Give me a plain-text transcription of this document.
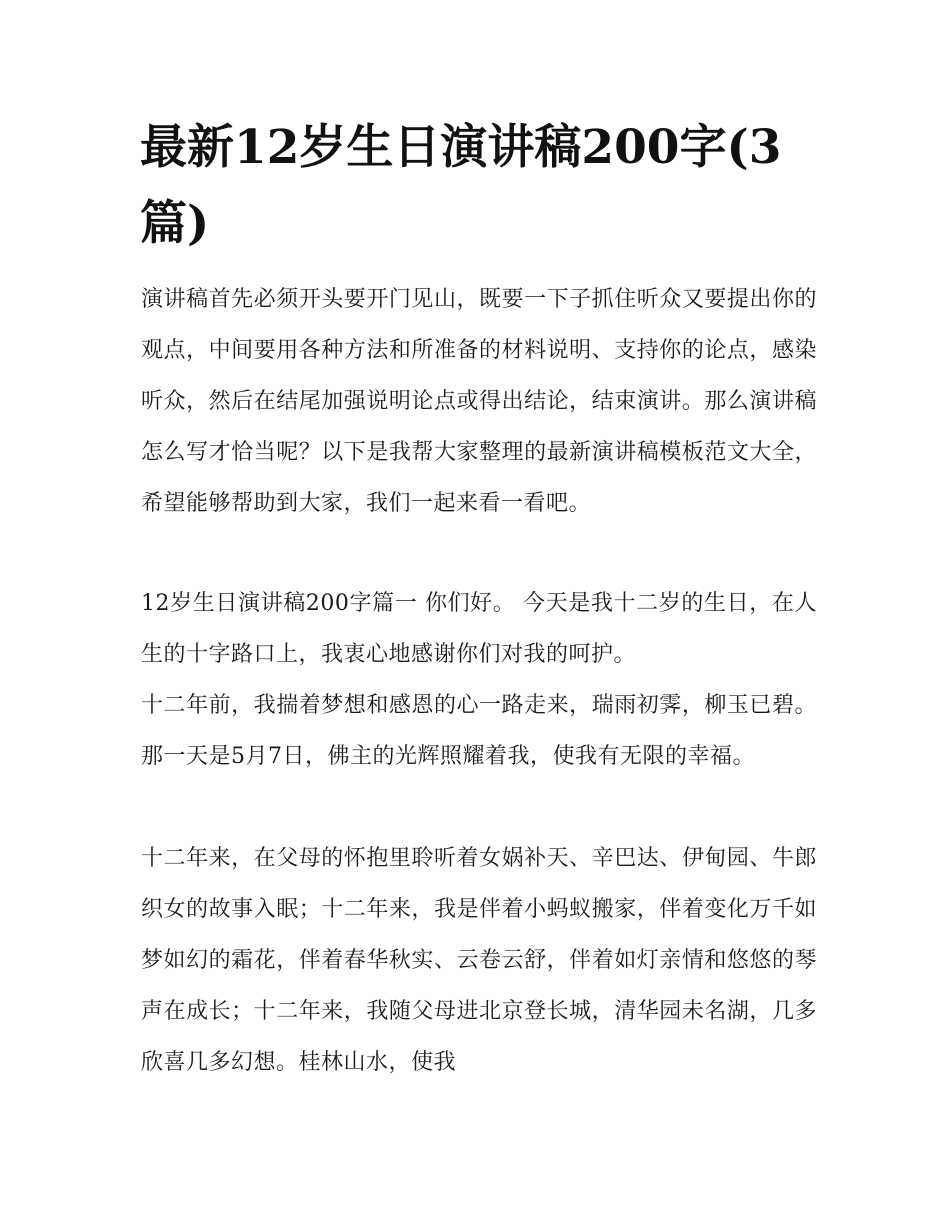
最新12岁生日演讲稿200字(3篇)

演讲稿首先必须开头要开门见山，既要一下子抓住听众又要提出你的观点，中间要用各种方法和所准备的材料说明、支持你的论点，感染听众，然后在结尾加强说明论点或得出结论，结束演讲。那么演讲稿怎么写才恰当呢？以下是我帮大家整理的最新演讲稿模板范文大全，希望能够帮助到大家，我们一起来看一看吧。

12岁生日演讲稿200字篇一 你们好。 今天是我十二岁的生日，在人生的十字路口上，我衷心地感谢你们对我的呵护。

十二年前，我揣着梦想和感恩的心一路走来，瑞雨初霁，柳玉已碧。那一天是5月7日，佛主的光辉照耀着我，使我有无限的幸福。

十二年来，在父母的怀抱里聆听着女娲补天、辛巴达、伊甸园、牛郎织女的故事入眠；十二年来，我是伴着小蚂蚁搬家，伴着变化万千如梦如幻的霜花，伴着春华秋实、云卷云舒，伴着如灯亲情和悠悠的琴声在成长；十二年来，我随父母进北京登长城，清华园未名湖，几多欣喜几多幻想。桂林山水，使我
